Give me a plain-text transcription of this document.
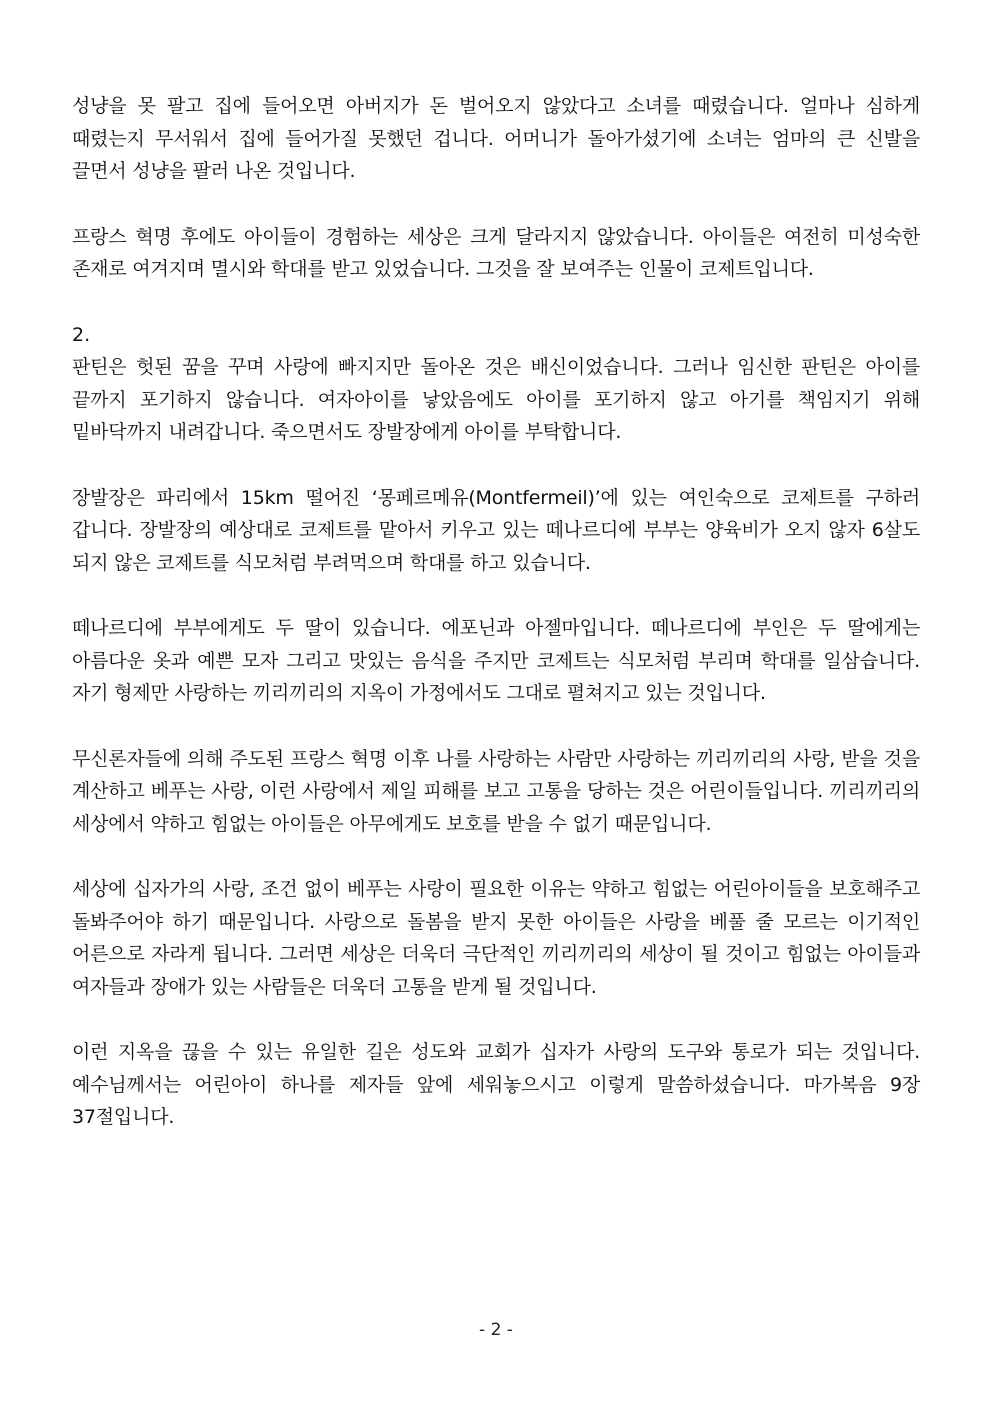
성냥을 못 팔고 집에 들어오면 아버지가 돈 벌어오지 않았다고 소녀를 때렸습니다. 얼마나 심하게 때렸는지 무서워서 집에 들어가질 못했던 겁니다. 어머니가 돌아가셨기에 소녀는 엄마의 큰 신발을 끌면서 성냥을 팔러 나온 것입니다.

프랑스 혁명 후에도 아이들이 경험하는 세상은 크게 달라지지 않았습니다. 아이들은 여전히 미성숙한 존재로 여겨지며 멸시와 학대를 받고 있었습니다. 그것을 잘 보여주는 인물이 코제트입니다.

2.

판틴은 헛된 꿈을 꾸며 사랑에 빠지지만 돌아온 것은 배신이었습니다. 그러나 임신한 판틴은 아이를 끝까지 포기하지 않습니다. 여자아이를 낳았음에도 아이를 포기하지 않고 아기를 책임지기 위해 밑바닥까지 내려갑니다. 죽으면서도 장발장에게 아이를 부탁합니다.

장발장은 파리에서 15km 떨어진 ‘몽페르메유(Montfermeil)’에 있는 여인숙으로 코제트를 구하러 갑니다. 장발장의 예상대로 코제트를 맡아서 키우고 있는 떼나르디에 부부는 양육비가 오지 않자 6살도 되지 않은 코제트를 식모처럼 부려먹으며 학대를 하고 있습니다.

떼나르디에 부부에게도 두 딸이 있습니다. 에포닌과 아젤마입니다. 떼나르디에 부인은 두 딸에게는 아름다운 옷과 예쁜 모자 그리고 맛있는 음식을 주지만 코제트는 식모처럼 부리며 학대를 일삼습니다. 자기 형제만 사랑하는 끼리끼리의 지옥이 가정에서도 그대로 펼쳐지고 있는 것입니다.

무신론자들에 의해 주도된 프랑스 혁명 이후 나를 사랑하는 사람만 사랑하는 끼리끼리의 사랑, 받을 것을 계산하고 베푸는 사랑, 이런 사랑에서 제일 피해를 보고 고통을 당하는 것은 어린이들입니다. 끼리끼리의 세상에서 약하고 힘없는 아이들은 아무에게도 보호를 받을 수 없기 때문입니다.

세상에 십자가의 사랑, 조건 없이 베푸는 사랑이 필요한 이유는 약하고 힘없는 어린아이들을 보호해주고 돌봐주어야 하기 때문입니다. 사랑으로 돌봄을 받지 못한 아이들은 사랑을 베풀 줄 모르는 이기적인 어른으로 자라게 됩니다. 그러면 세상은 더욱더 극단적인 끼리끼리의 세상이 될 것이고 힘없는 아이들과 여자들과 장애가 있는 사람들은 더욱더 고통을 받게 될 것입니다.

이런 지옥을 끊을 수 있는 유일한 길은 성도와 교회가 십자가 사랑의 도구와 통로가 되는 것입니다. 예수님께서는 어린아이 하나를 제자들 앞에 세워놓으시고 이렇게 말씀하셨습니다. 마가복음 9장 37절입니다.

- 2 -
